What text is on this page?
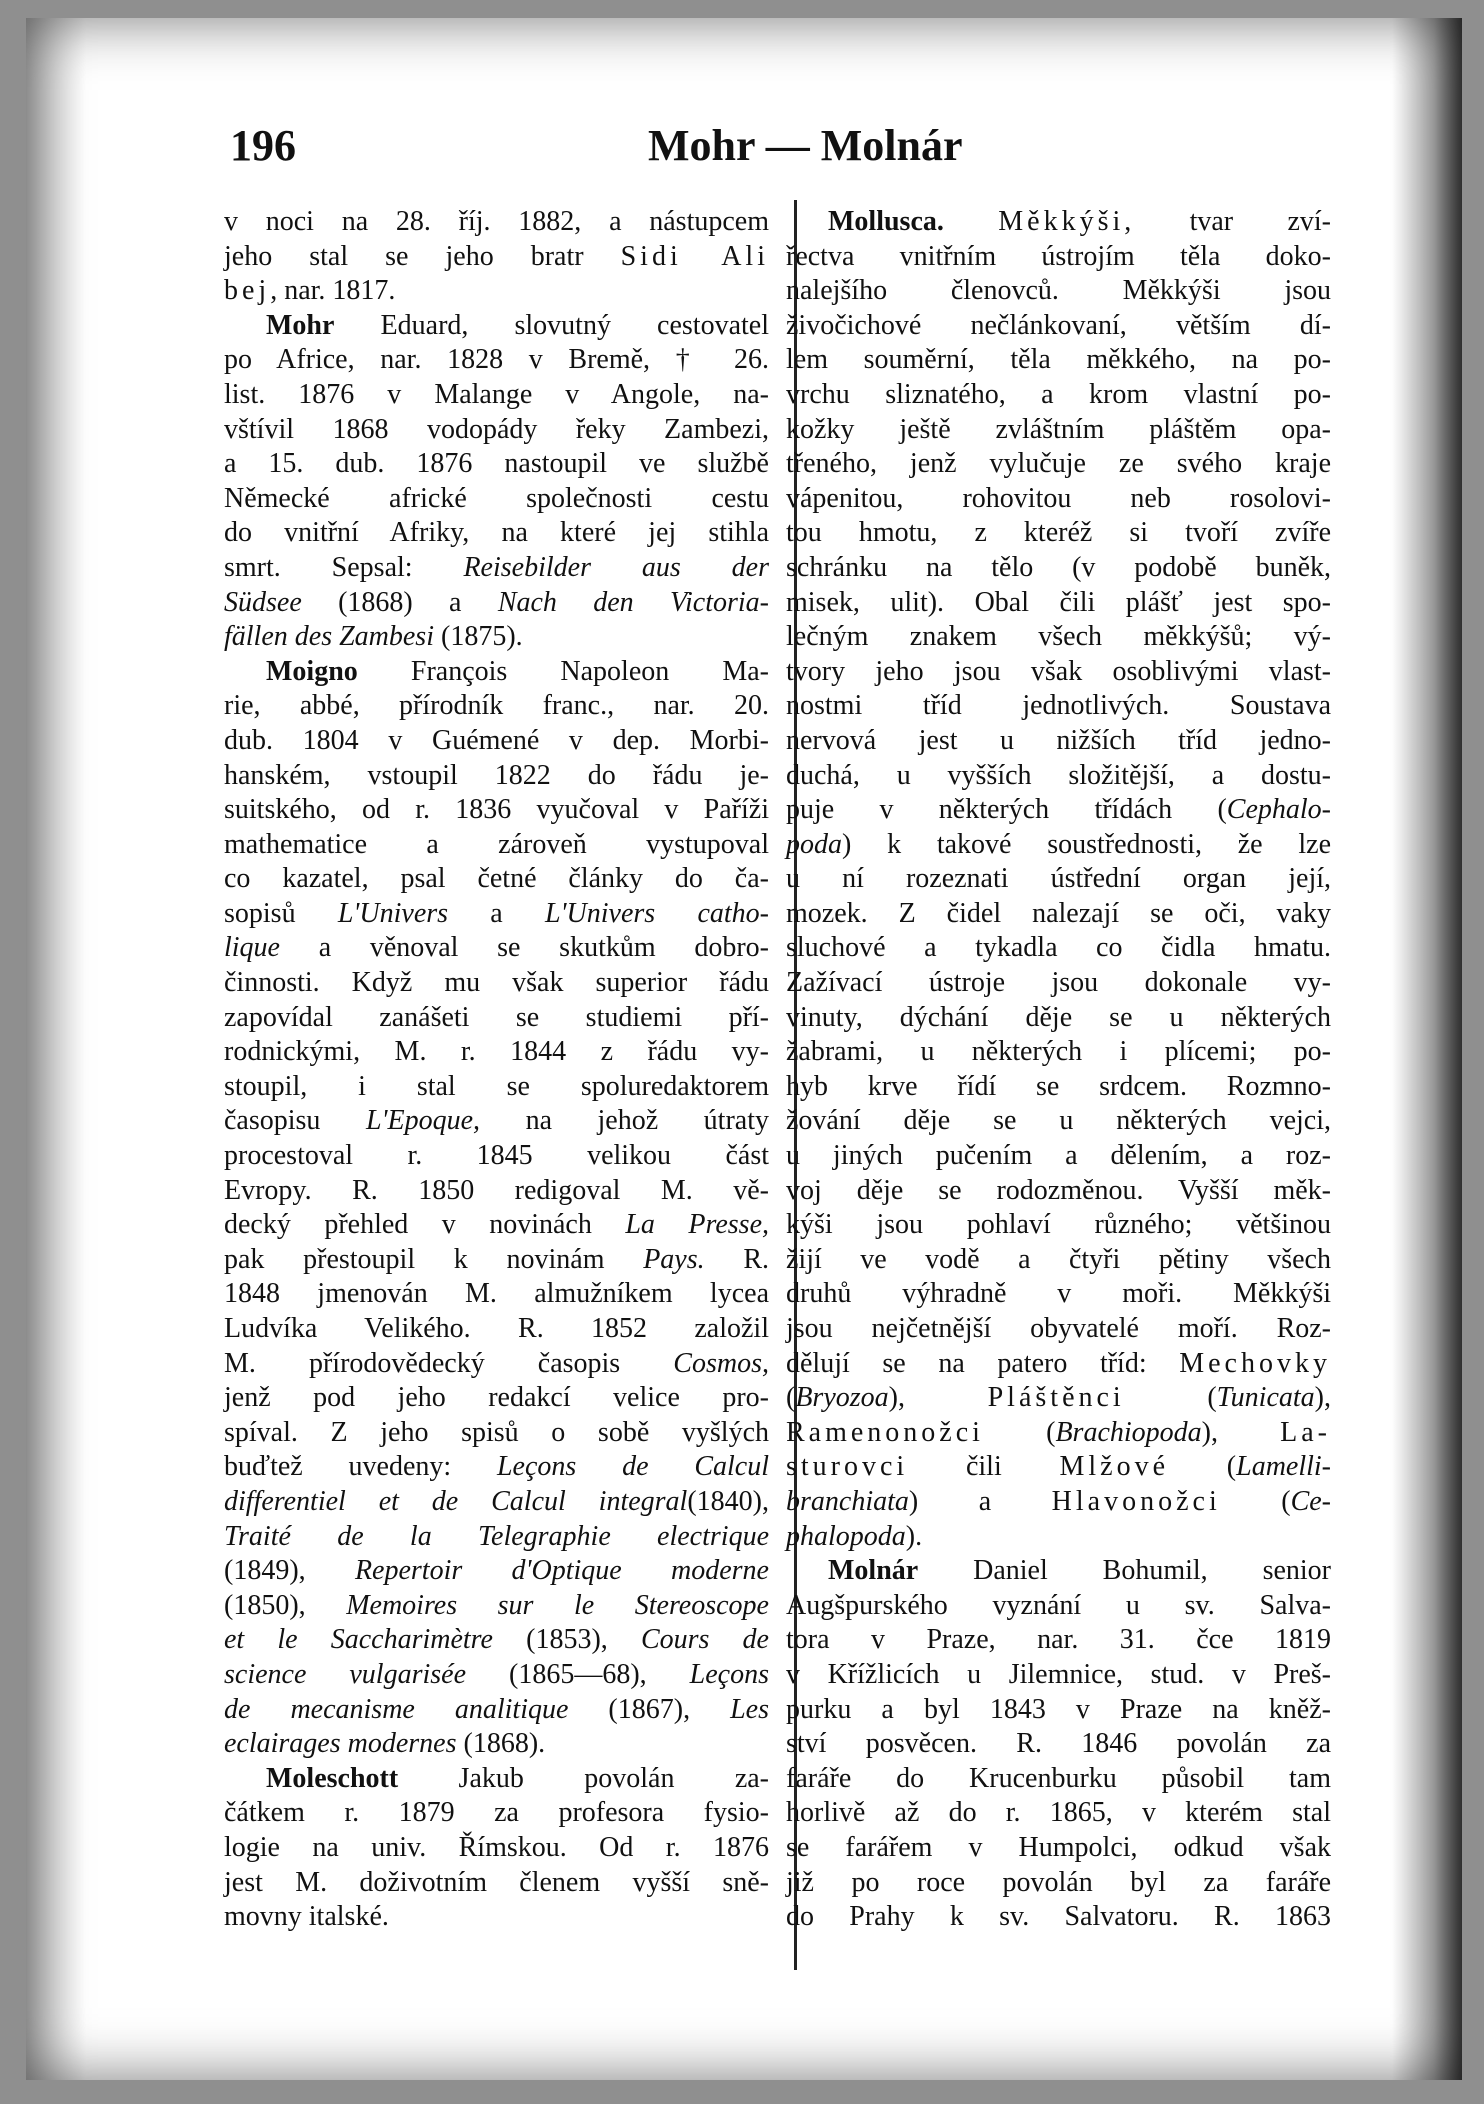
196	Mohr — Molnár
v noci na 28. říj. 1882, a nástupcem
jeho stal se jeho bratr Sidi Ali
bej, nar. 1817.
Mohr Eduard, slovutný cestovatel
po Africe, nar. 1828 v Bremě, † 26.
list. 1876 v Malange v Angole, na-
vštívil 1868 vodopády řeky Zambezi,
a 15. dub. 1876 nastoupil ve službě
Německé africké společnosti cestu
do vnitřní Afriky, na které jej stihla
smrt. Sepsal: Reisebilder aus der
Südsee (1868) a Nach den Victoria-
fällen des Zambesi (1875).
Moigno François Napoleon Ma-
rie, abbé, přírodník franc., nar. 20.
dub. 1804 v Guémené v dep. Morbi-
hanském, vstoupil 1822 do řádu je-
suitského, od r. 1836 vyučoval v Paříži
mathematice a zároveň vystupoval
co kazatel, psal četné články do ča-
sopisů L'Univers a L'Univers catho-
lique a věnoval se skutkům dobro-
činnosti. Když mu však superior řádu
zapovídal zanášeti se studiemi pří-
rodnickými, M. r. 1844 z řádu vy-
stoupil, i stal se spoluredaktorem
časopisu L'Epoque, na jehož útraty
procestoval r. 1845 velikou část
Evropy. R. 1850 redigoval M. vě-
decký přehled v novinách La Presse,
pak přestoupil k novinám Pays. R.
1848 jmenován M. almužníkem lycea
Ludvíka Velikého. R. 1852 založil
M. přírodovědecký časopis Cosmos,
jenž pod jeho redakcí velice pro-
spíval. Z jeho spisů o sobě vyšlých
buďtež uvedeny: Leçons de Calcul
differentiel et de Calcul integral(1840),
Traité de la Telegraphie electrique
(1849), Repertoir d'Optique moderne
(1850), Memoires sur le Stereoscope
et le Saccharimètre (1853), Cours de
science vulgarisée (1865—68), Leçons
de mecanisme analitique (1867), Les
eclairages modernes (1868).
Moleschott Jakub povolán za-
čátkem r. 1879 za profesora fysio-
logie na univ. Římskou. Od r. 1876
jest M. doživotním členem vyšší sně-
movny italské.
Mollusca. Měkkýši, tvar zví-
řectva vnitřním ústrojím těla doko-
nalejšího členovců. Měkkýši jsou
živočichové nečlánkovaní, větším dí-
lem souměrní, těla měkkého, na po-
vrchu sliznatého, a krom vlastní po-
kožky ještě zvláštním pláštěm opa-
třeného, jenž vylučuje ze svého kraje
vápenitou, rohovitou neb rosolovi-
tou hmotu, z kteréž si tvoří zvíře
schránku na tělo (v podobě buněk,
misek, ulit). Obal čili plášť jest spo-
lečným znakem všech měkkýšů; vý-
tvory jeho jsou však osoblivými vlast-
nostmi tříd jednotlivých. Soustava
nervová jest u nižších tříd jedno-
duchá, u vyšších složitější, a dostu-
puje v některých třídách (Cephalo-
poda) k takové soustřednosti, že lze
u ní rozeznati ústřední organ její,
mozek. Z čidel nalezají se oči, vaky
sluchové a tykadla co čidla hmatu.
Zažívací ústroje jsou dokonale vy-
vinuty, dýchání děje se u některých
žabrami, u některých i plícemi; po-
hyb krve řídí se srdcem. Rozmno-
žování děje se u některých vejci,
u jiných pučením a dělením, a roz-
voj děje se rodozměnou. Vyšší měk-
kýši jsou pohlaví různého; většinou
žijí ve vodě a čtyři pětiny všech
druhů výhradně v moři. Měkkýši
jsou nejčetnější obyvatelé moří. Roz-
dělují se na patero tříd: Mechovky
(Bryozoa), Pláštěnci (Tunicata),
Ramenonožci (Brachiopoda), La-
sturovci čili Mlžové (Lamelli-
branchiata) a Hlavonožci (Ce-
phalopoda).
Molnár Daniel Bohumil, senior
Augšpurského vyznání u sv. Salva-
tora v Praze, nar. 31. čce 1819
v Křížlicích u Jilemnice, stud. v Preš-
purku a byl 1843 v Praze na kněž-
ství posvěcen. R. 1846 povolán za
faráře do Krucenburku působil tam
horlivě až do r. 1865, v kterém stal
se farářem v Humpolci, odkud však
již po roce povolán byl za faráře
do Prahy k sv. Salvatoru. R. 1863
